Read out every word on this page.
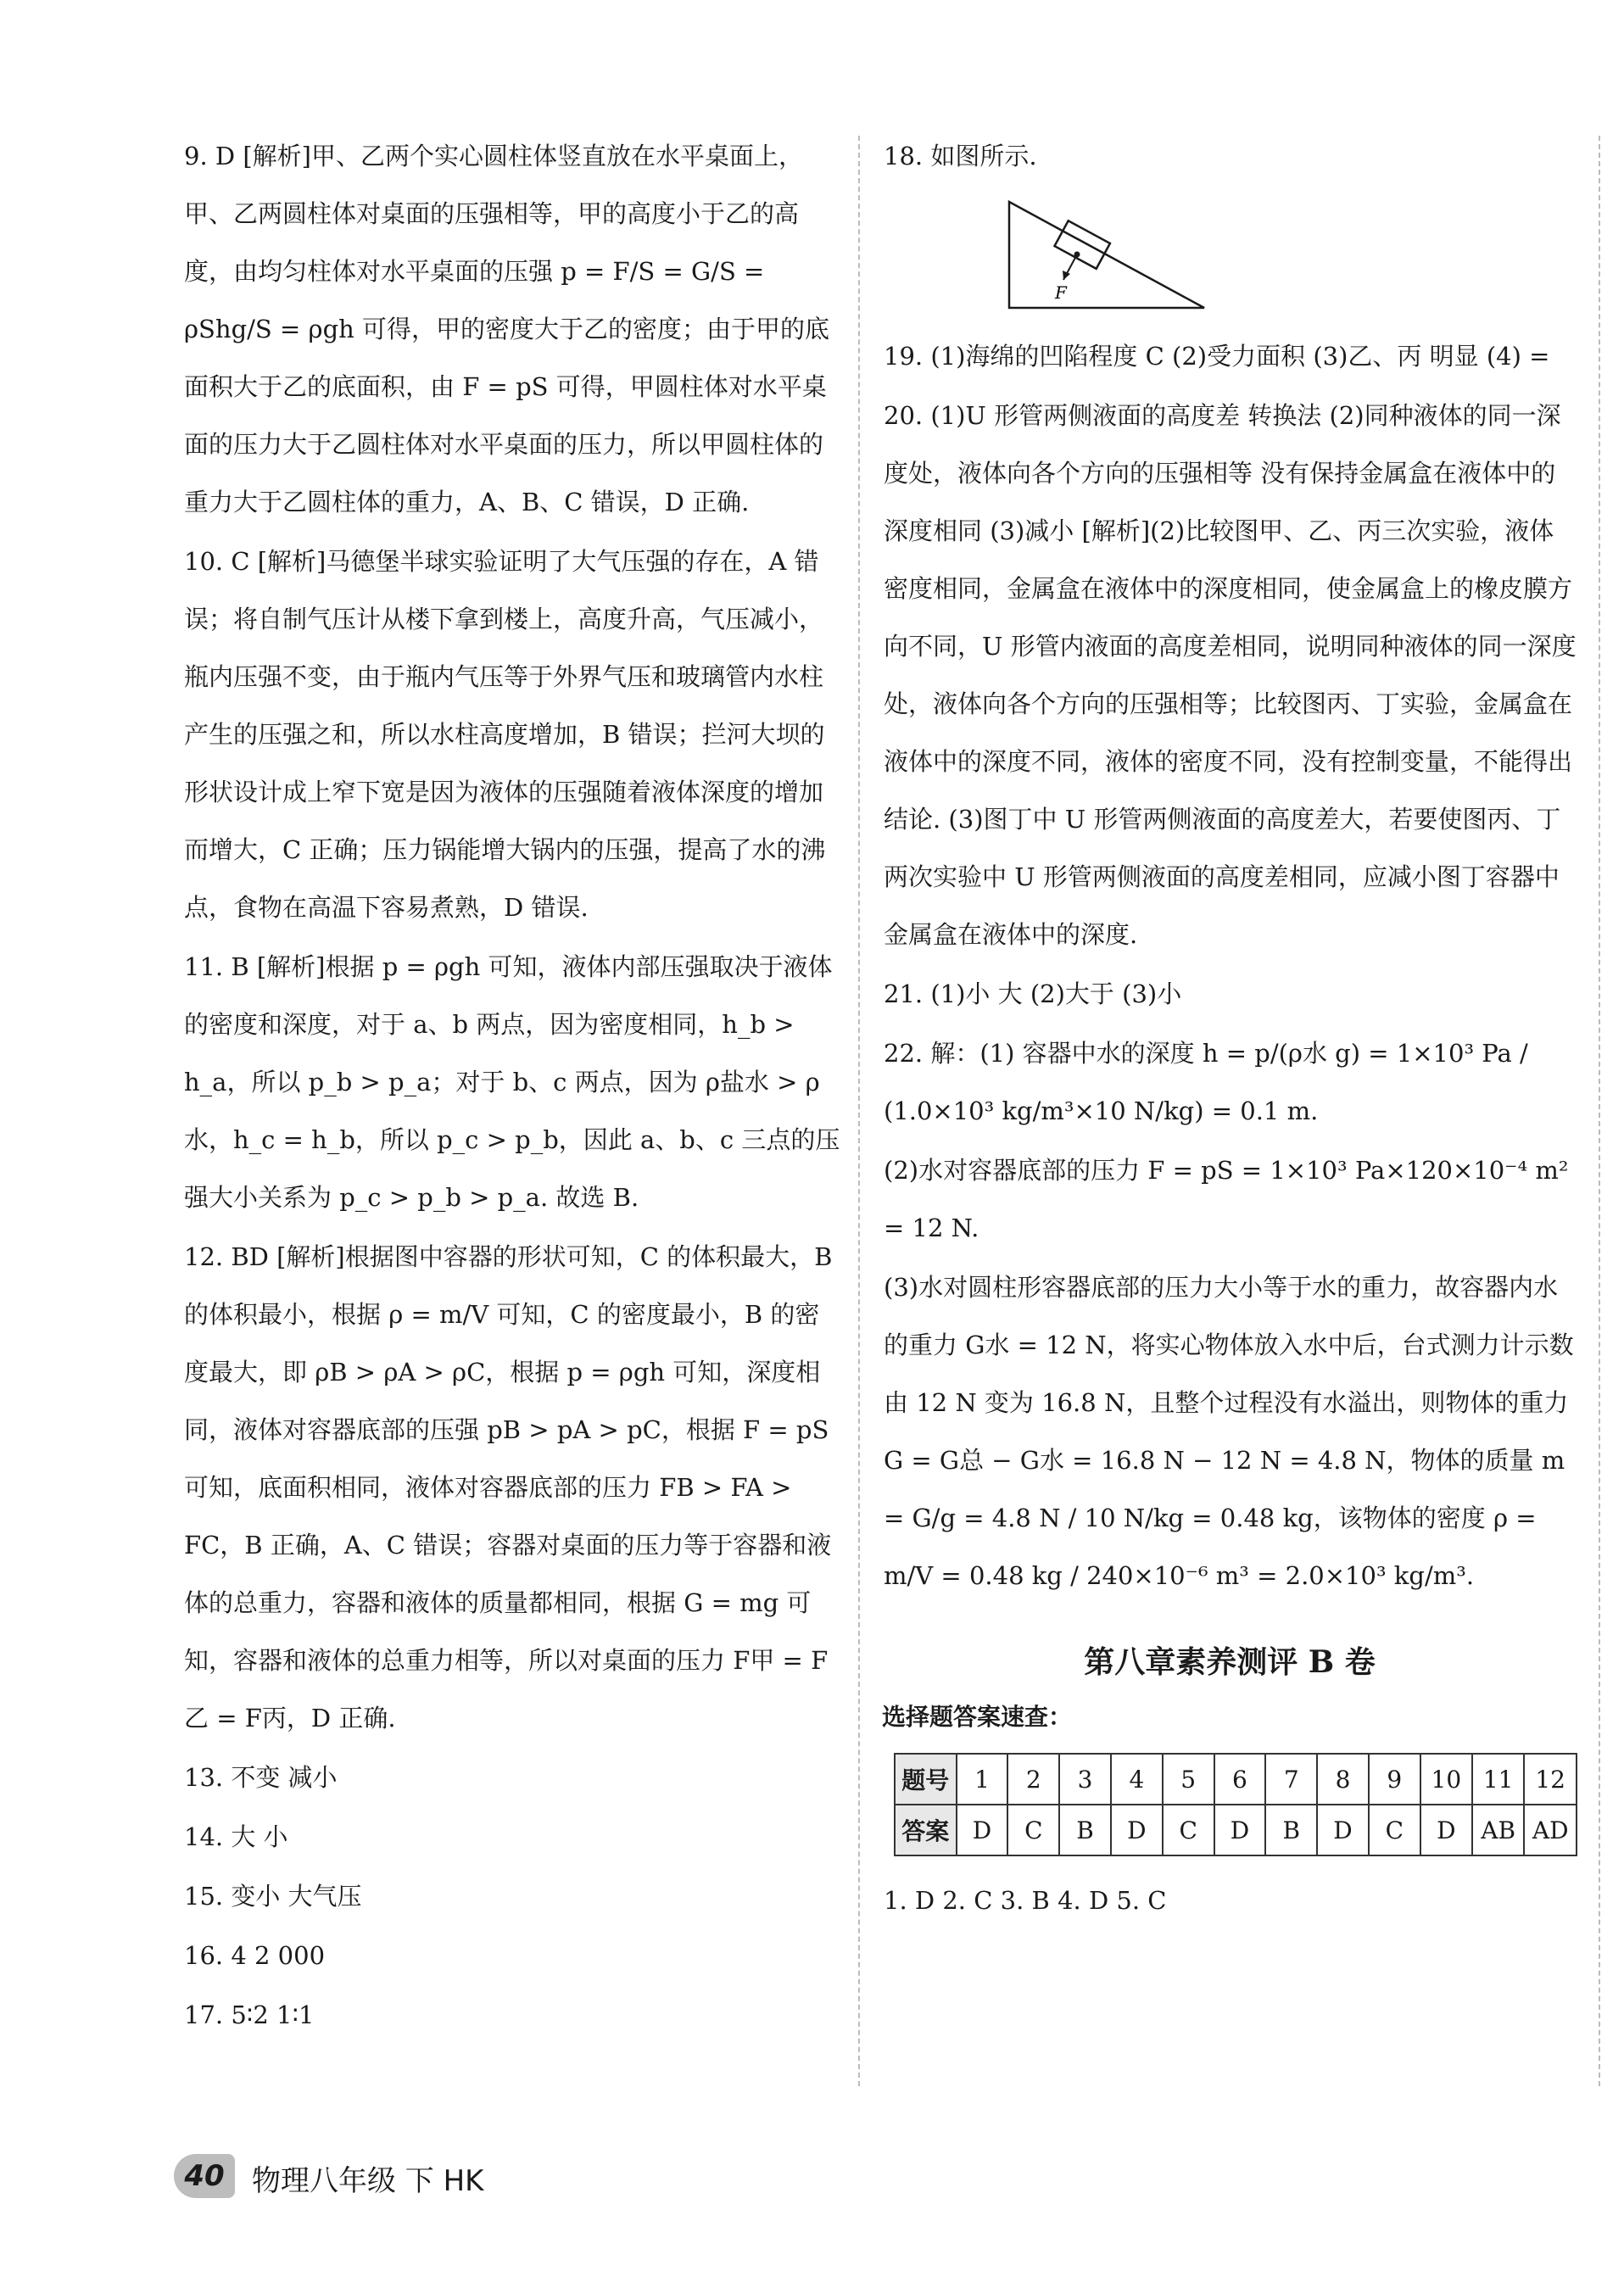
9. D [解析]甲、乙两个实心圆柱体竖直放在水平桌面上，甲、乙两圆柱体对桌面的压强相等，甲的高度小于乙的高度，由均匀柱体对水平桌面的压强 p = F/S = G/S = ρShg/S = ρgh 可得，甲的密度大于乙的密度；由于甲的底面积大于乙的底面积，由 F = pS 可得，甲圆柱体对水平桌面的压力大于乙圆柱体对水平桌面的压力，所以甲圆柱体的重力大于乙圆柱体的重力，A、B、C 错误，D 正确.

10. C [解析]马德堡半球实验证明了大气压强的存在，A 错误；将自制气压计从楼下拿到楼上，高度升高，气压减小，瓶内压强不变，由于瓶内气压等于外界气压和玻璃管内水柱产生的压强之和，所以水柱高度增加，B 错误；拦河大坝的形状设计成上窄下宽是因为液体的压强随着液体深度的增加而增大，C 正确；压力锅能增大锅内的压强，提高了水的沸点，食物在高温下容易煮熟，D 错误.

11. B [解析]根据 p = ρgh 可知，液体内部压强取决于液体的密度和深度，对于 a、b 两点，因为密度相同，h_b > h_a，所以 p_b > p_a；对于 b、c 两点，因为 ρ盐水 > ρ水，h_c = h_b，所以 p_c > p_b，因此 a、b、c 三点的压强大小关系为 p_c > p_b > p_a. 故选 B.

12. BD [解析]根据图中容器的形状可知，C 的体积最大，B 的体积最小，根据 ρ = m/V 可知，C 的密度最小，B 的密度最大，即 ρB > ρA > ρC，根据 p = ρgh 可知，深度相同，液体对容器底部的压强 pB > pA > pC，根据 F = pS 可知，底面积相同，液体对容器底部的压力 FB > FA > FC，B 正确，A、C 错误；容器对桌面的压力等于容器和液体的总重力，容器和液体的质量都相同，根据 G = mg 可知，容器和液体的总重力相等，所以对桌面的压力 F甲 = F乙 = F丙，D 正确.

13. 不变 减小

14. 大 小

15. 变小 大气压

16. 4 2 000

17. 5∶2 1∶1

18. 如图所示.

F

19. (1)海绵的凹陷程度 C (2)受力面积 (3)乙、丙 明显 (4) =

20. (1)U 形管两侧液面的高度差 转换法 (2)同种液体的同一深度处，液体向各个方向的压强相等 没有保持金属盒在液体中的深度相同 (3)减小 [解析](2)比较图甲、乙、丙三次实验，液体密度相同，金属盒在液体中的深度相同，使金属盒上的橡皮膜方向不同，U 形管内液面的高度差相同，说明同种液体的同一深度处，液体向各个方向的压强相等；比较图丙、丁实验，金属盒在液体中的深度不同，液体的密度不同，没有控制变量，不能得出结论. (3)图丁中 U 形管两侧液面的高度差大，若要使图丙、丁两次实验中 U 形管两侧液面的高度差相同，应减小图丁容器中金属盒在液体中的深度.

21. (1)小 大 (2)大于 (3)小

22. 解：(1) 容器中水的深度 h = p/(ρ水 g) = 1×10³ Pa / (1.0×10³ kg/m³×10 N/kg) = 0.1 m.

(2)水对容器底部的压力 F = pS = 1×10³ Pa×120×10⁻⁴ m² = 12 N.

(3)水对圆柱形容器底部的压力大小等于水的重力，故容器内水的重力 G水 = 12 N，将实心物体放入水中后，台式测力计示数由 12 N 变为 16.8 N，且整个过程没有水溢出，则物体的重力 G = G总 − G水 = 16.8 N − 12 N = 4.8 N，物体的质量 m = G/g = 4.8 N / 10 N/kg = 0.48 kg，该物体的密度 ρ = m/V = 0.48 kg / 240×10⁻⁶ m³ = 2.0×10³ kg/m³.

第八章素养测评 B 卷
选择题答案速查：
题号	1	2	3	4	5	6	7	8	9	10	11	12
答案	D	C	B	D	C	D	B	D	C	D	AB	AD

1. D 2. C 3. B 4. D 5. C

40 物理八年级 下 HK
